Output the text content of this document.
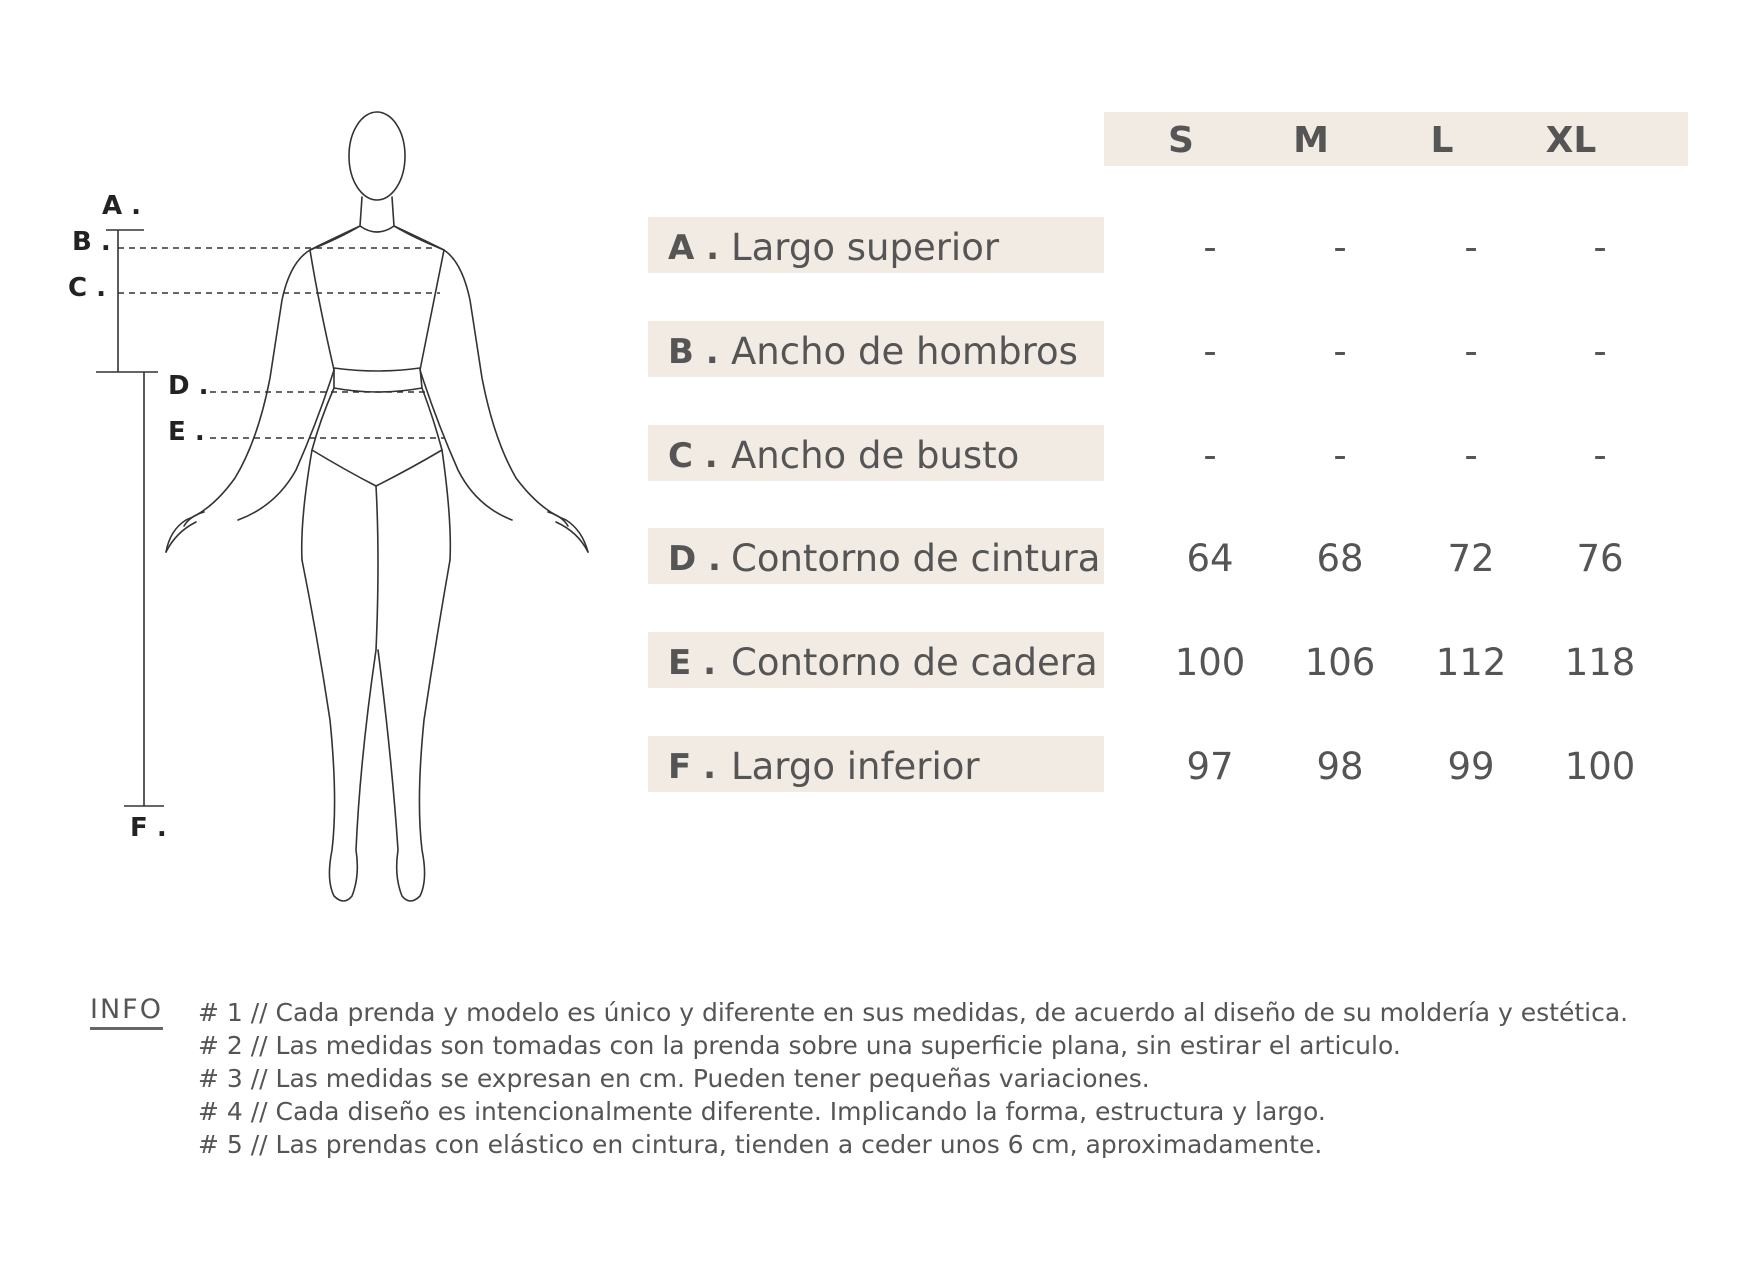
A .
B .
C .
D .
E .
F .
S	M	L	XL
A . Largo superior	-	-	-	-
B . Ancho de hombros	-	-	-	-
C . Ancho de busto	-	-	-	-
D . Contorno de cintura	64	68	72	76
E . Contorno de cadera	100	106	112	118
F . Largo inferior	97	98	99	100
INFO # 1 // Cada prenda y modelo es único y diferente en sus medidas, de acuerdo al diseño de su moldería y estética.
# 2 // Las medidas son tomadas con la prenda sobre una superficie plana, sin estirar el articulo.
# 3 // Las medidas se expresan en cm. Pueden tener pequeñas variaciones.
# 4 // Cada diseño es intencionalmente diferente. Implicando la forma, estructura y largo.
# 5 // Las prendas con elástico en cintura, tienden a ceder unos 6 cm, aproximadamente.
